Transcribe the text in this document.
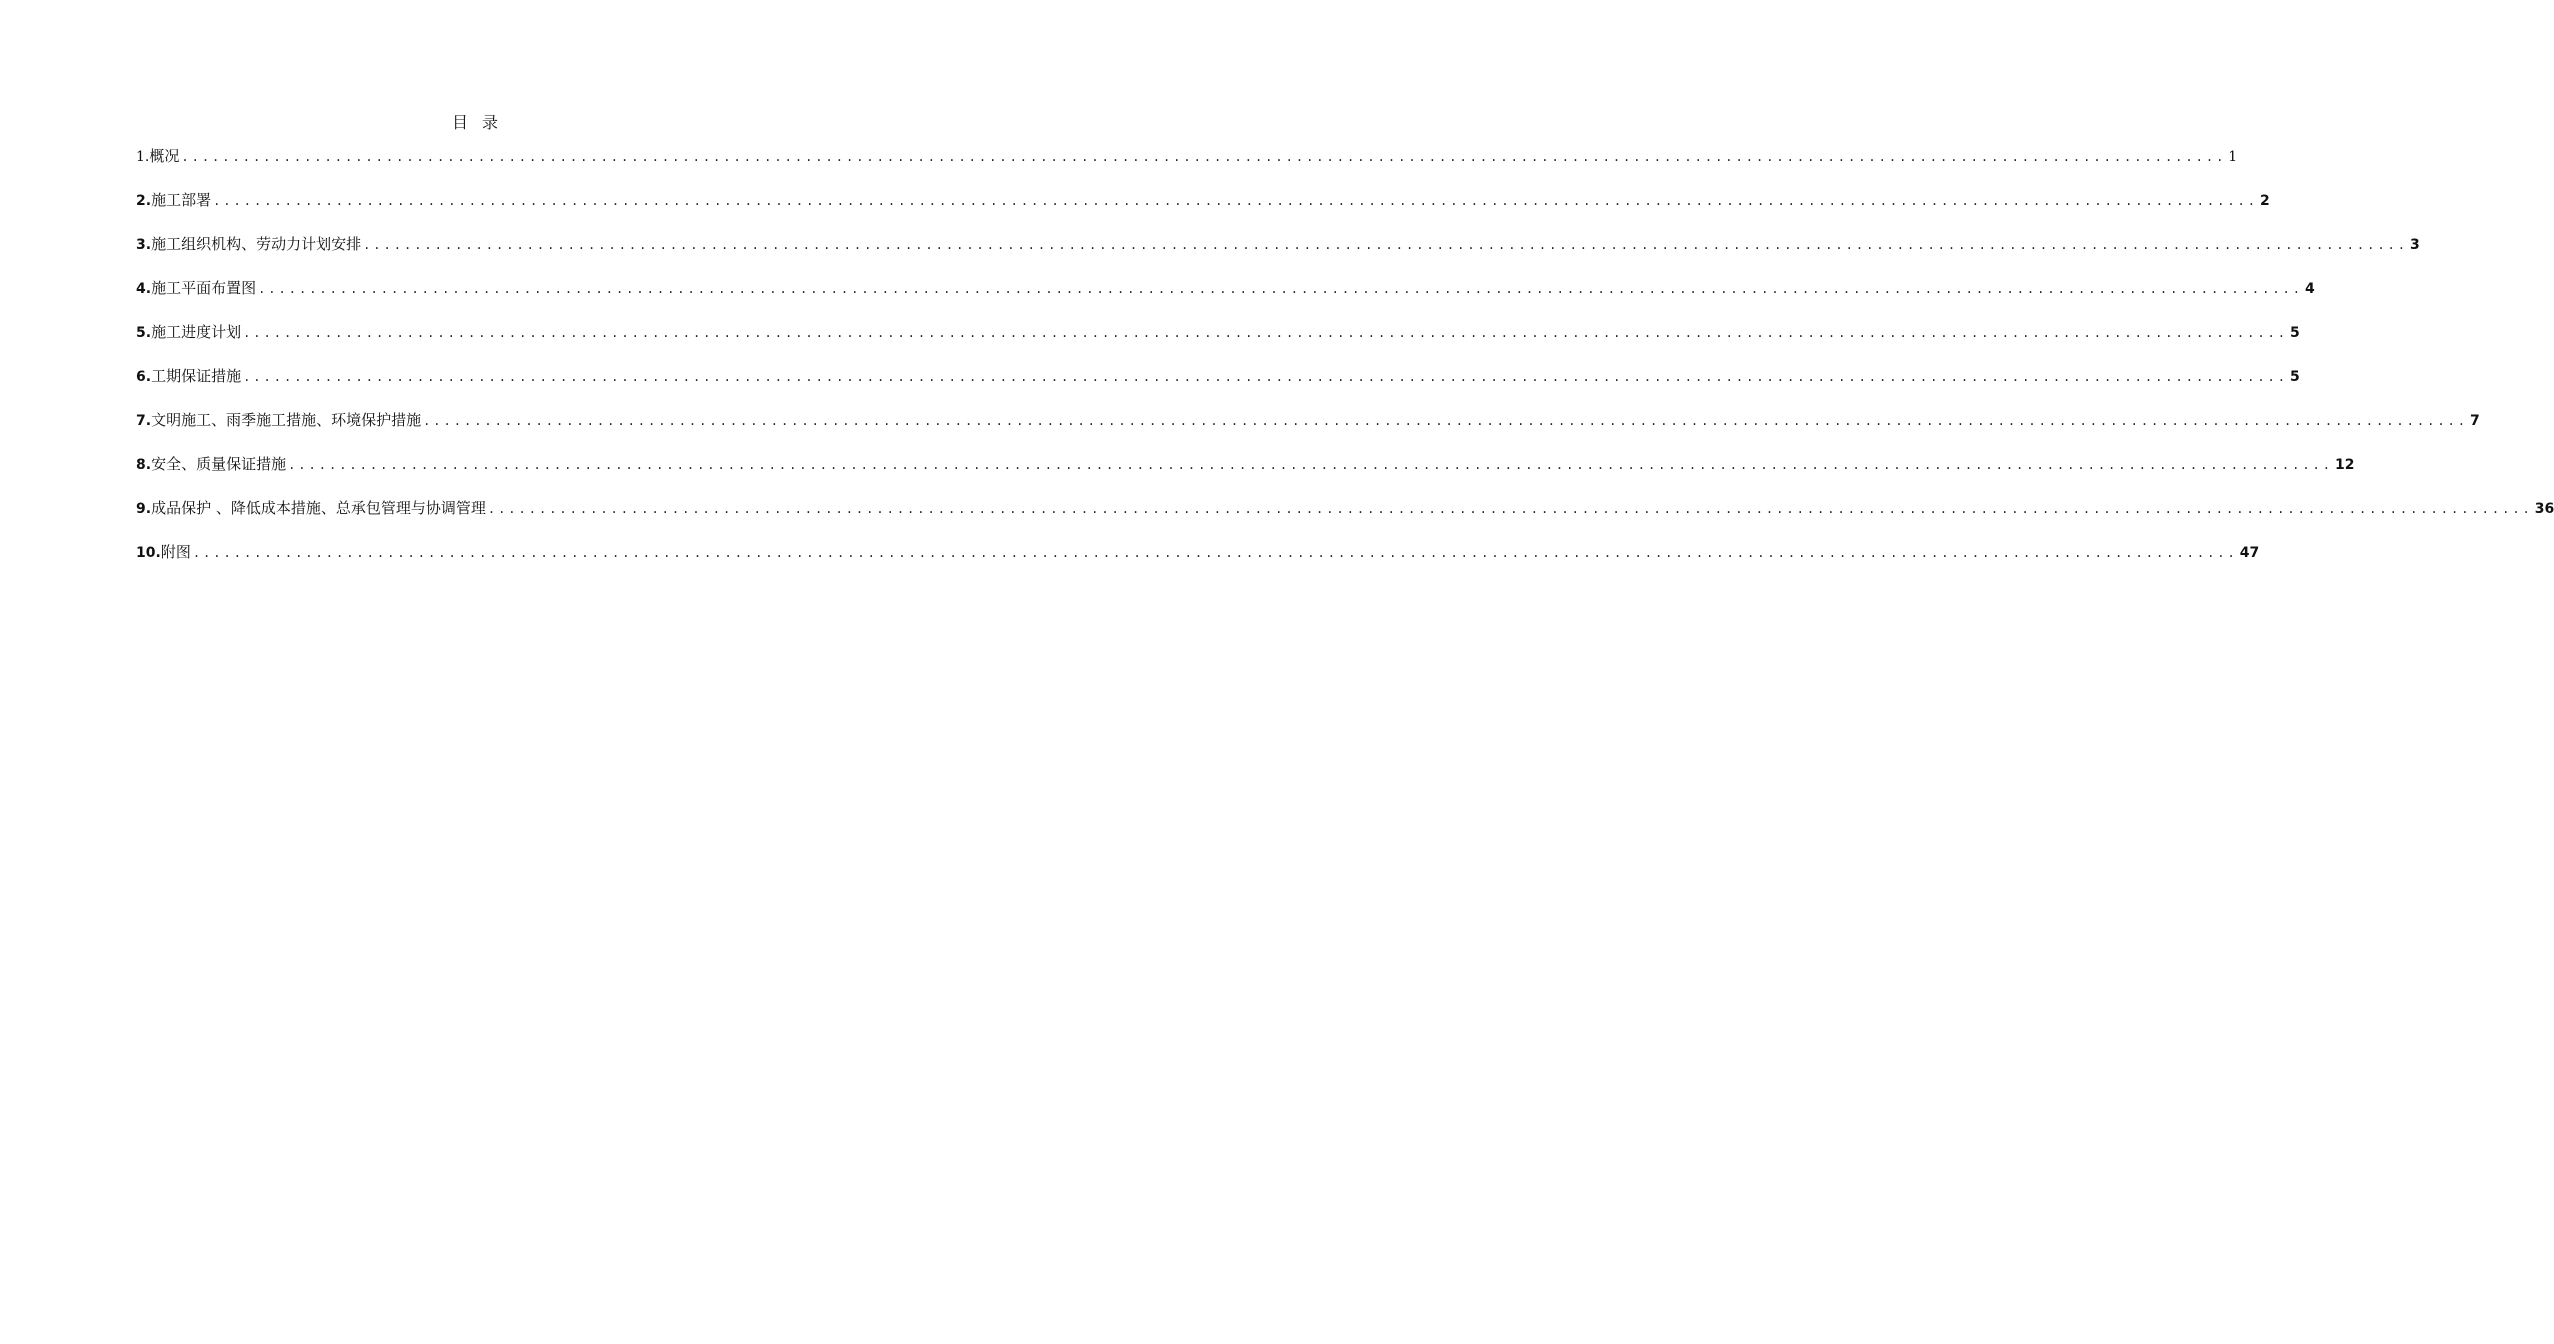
目录
1. 概况 ........................................................................................................................................................................................................ 1
2. 施工部署 ........................................................................................................................................................................................................ 2
3. 施工组织机构、劳动力计划安排 ........................................................................................................................................................................................................ 3
4. 施工平面布置图 ........................................................................................................................................................................................................ 4
5. 施工进度计划 ........................................................................................................................................................................................................ 5
6. 工期保证措施 ........................................................................................................................................................................................................ 5
7. 文明施工、雨季施工措施、环境保护措施 ........................................................................................................................................................................................................ 7
8. 安全、质量保证措施 ........................................................................................................................................................................................................ 12
9. 成品保护 、降低成本措施、总承包管理与协调管理 ........................................................................................................................................................................................................ 36
10. 附图 ........................................................................................................................................................................................................ 47
